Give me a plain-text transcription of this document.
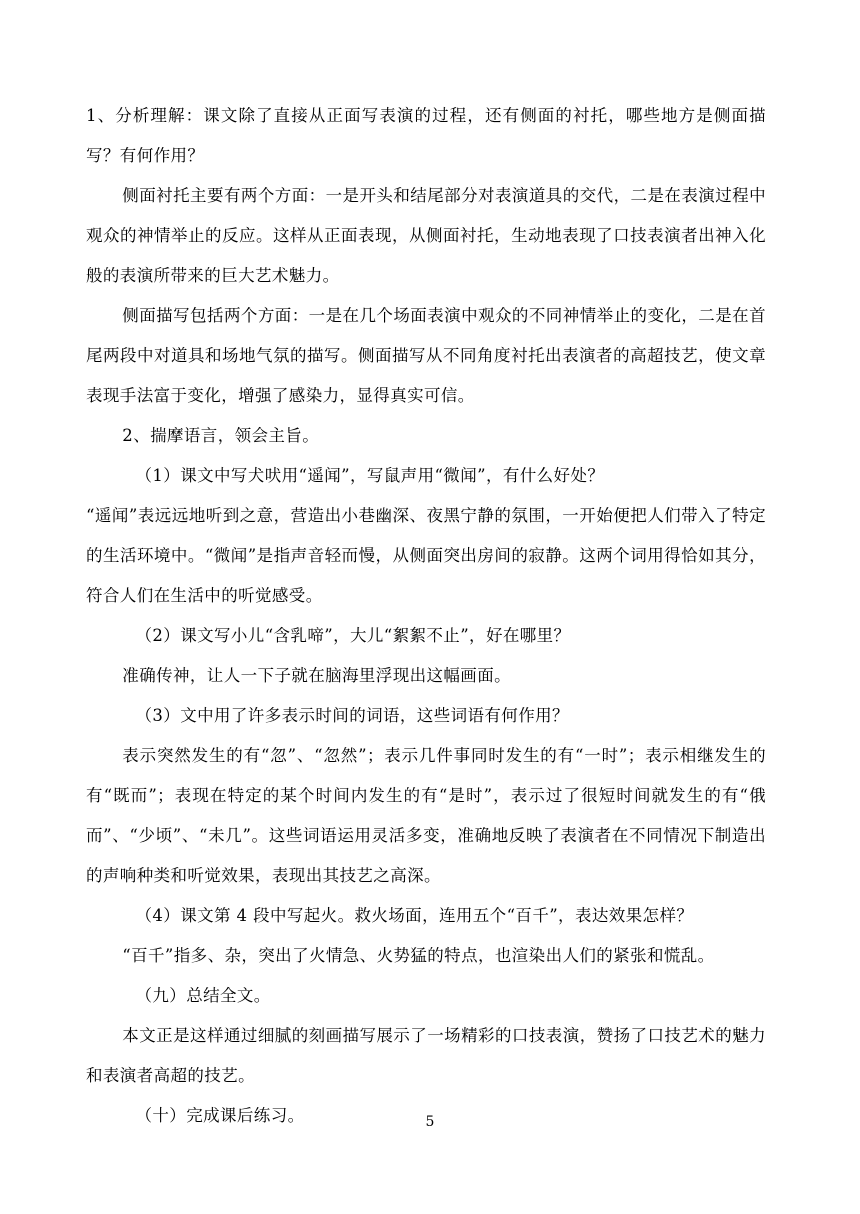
1、分析理解：课文除了直接从正面写表演的过程，还有侧面的衬托，哪些地方是侧面描写？有何作用？

侧面衬托主要有两个方面：一是开头和结尾部分对表演道具的交代，二是在表演过程中观众的神情举止的反应。这样从正面表现，从侧面衬托，生动地表现了口技表演者出神入化般的表演所带来的巨大艺术魅力。

侧面描写包括两个方面：一是在几个场面表演中观众的不同神情举止的变化，二是在首尾两段中对道具和场地气氛的描写。侧面描写从不同角度衬托出表演者的高超技艺，使文章表现手法富于变化，增强了感染力，显得真实可信。

2、揣摩语言，领会主旨。

（1）课文中写犬吠用“遥闻”，写鼠声用“微闻”，有什么好处？

“遥闻”表远远地听到之意，营造出小巷幽深、夜黑宁静的氛围，一开始便把人们带入了特定的生活环境中。“微闻”是指声音轻而慢，从侧面突出房间的寂静。这两个词用得恰如其分，符合人们在生活中的听觉感受。

（2）课文写小儿“含乳啼”，大儿“絮絮不止”，好在哪里？

准确传神，让人一下子就在脑海里浮现出这幅画面。

（3）文中用了许多表示时间的词语，这些词语有何作用？

表示突然发生的有“忽”、“忽然”；表示几件事同时发生的有“一时”；表示相继发生的有“既而”；表现在特定的某个时间内发生的有“是时”，表示过了很短时间就发生的有“俄而”、“少顷”、“未几”。这些词语运用灵活多变，准确地反映了表演者在不同情况下制造出的声响种类和听觉效果，表现出其技艺之高深。

（4）课文第 4 段中写起火。救火场面，连用五个“百千”，表达效果怎样？

“百千”指多、杂，突出了火情急、火势猛的特点，也渲染出人们的紧张和慌乱。

（九）总结全文。

本文正是这样通过细腻的刻画描写展示了一场精彩的口技表演，赞扬了口技艺术的魅力和表演者高超的技艺。

（十）完成课后练习。	5
